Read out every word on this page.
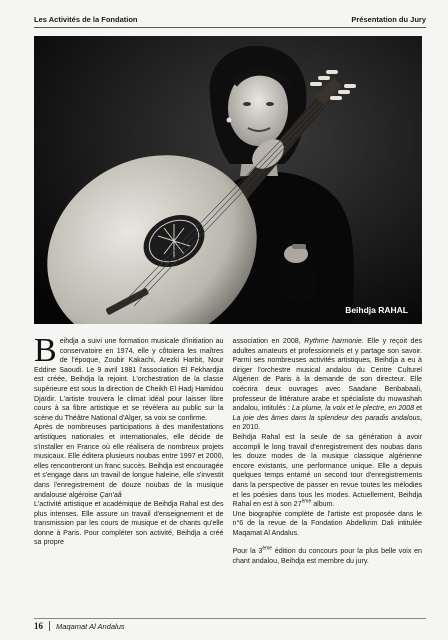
Les Activités de la Fondation	Présentation du Jury
Beihdja RAHAL

Beihdja a suivi une formation musicale d'initiation au conservatoire en 1974, elle y côtoiera les maîtres de l'époque, Zoubir Kakachi, Arezki Harbit, Nour Eddine Saoudi. Le 9 avril 1981 l'association El Fekhardjia est créée, Beihdja la rejoint. L'orchestration de la classe supérieure est sous la direction de Cheikh El Hadj Hamidou Djaïdir. L'artiste trouvera le climat idéal pour laisser libre cours à sa fibre artistique et se révèlera au public sur la scène du Théâtre National d'Alger, sa voix se confirme.

Après de nombreuses participations à des manifestations artistiques nationales et internationales, elle décide de s'installer en France où elle réalisera de nombreux projets musicaux. Elle éditera plusieurs noubas entre 1997 et 2000, elles rencontreront un franc succès. Beihdja est encouragée et s'engage dans un travail de longue haleine, elle s'investit dans l'enregistrement de douze noubas de la musique andalouse algéroise Çan'aâ

L'activité artistique et académique de Beihdja Rahal est des plus intenses. Elle assure un travail d'enseignement et de transmission par les cours de musique et de chants qu'elle donne à Paris. Pour compléter son activité, Beihdja a créé sa propre

association en 2008, Rythme harmonie. Elle y reçoit des adultes amateurs et professionnels et y partage son savoir. Parmi ses nombreuses activités artistiques, Beihdja a eu à diriger l'orchestre musical andalou du Centre Culturel Algérien de Paris à la demande de son directeur. Elle coécrira deux ouvrages avec Saadane Benbabaali, professeur de littérature arabe et spécialiste du muwashah andalou, intitulés : La plume, la voix et le plectre, en 2008 et La joie des âmes dans la splendeur des paradis andalous, en 2010.

Beihdja Rahal est la seule de sa génération à avoir accompli le long travail d'enregistrement des noubas dans les douze modes de la musique classique algérienne encore existants, une performance unique. Elle a depuis quelques temps entamé un second tour d'enregistrements dans la perspective de passer en revue toutes les mélodies et les poésies dans tous les modes. Actuellement, Beihdja Rahal en est à son 27ème album.

Une biographie complète de l'artiste est proposée dans le n°6 de la revue de la Fondation Abdelkrim Dali intitulée Maqamat Al Andalus.

Pour la 3ème édition du concours pour la plus belle voix en chant andalou, Beihdja est membre du jury.

16 Maqamat Al Andalus
